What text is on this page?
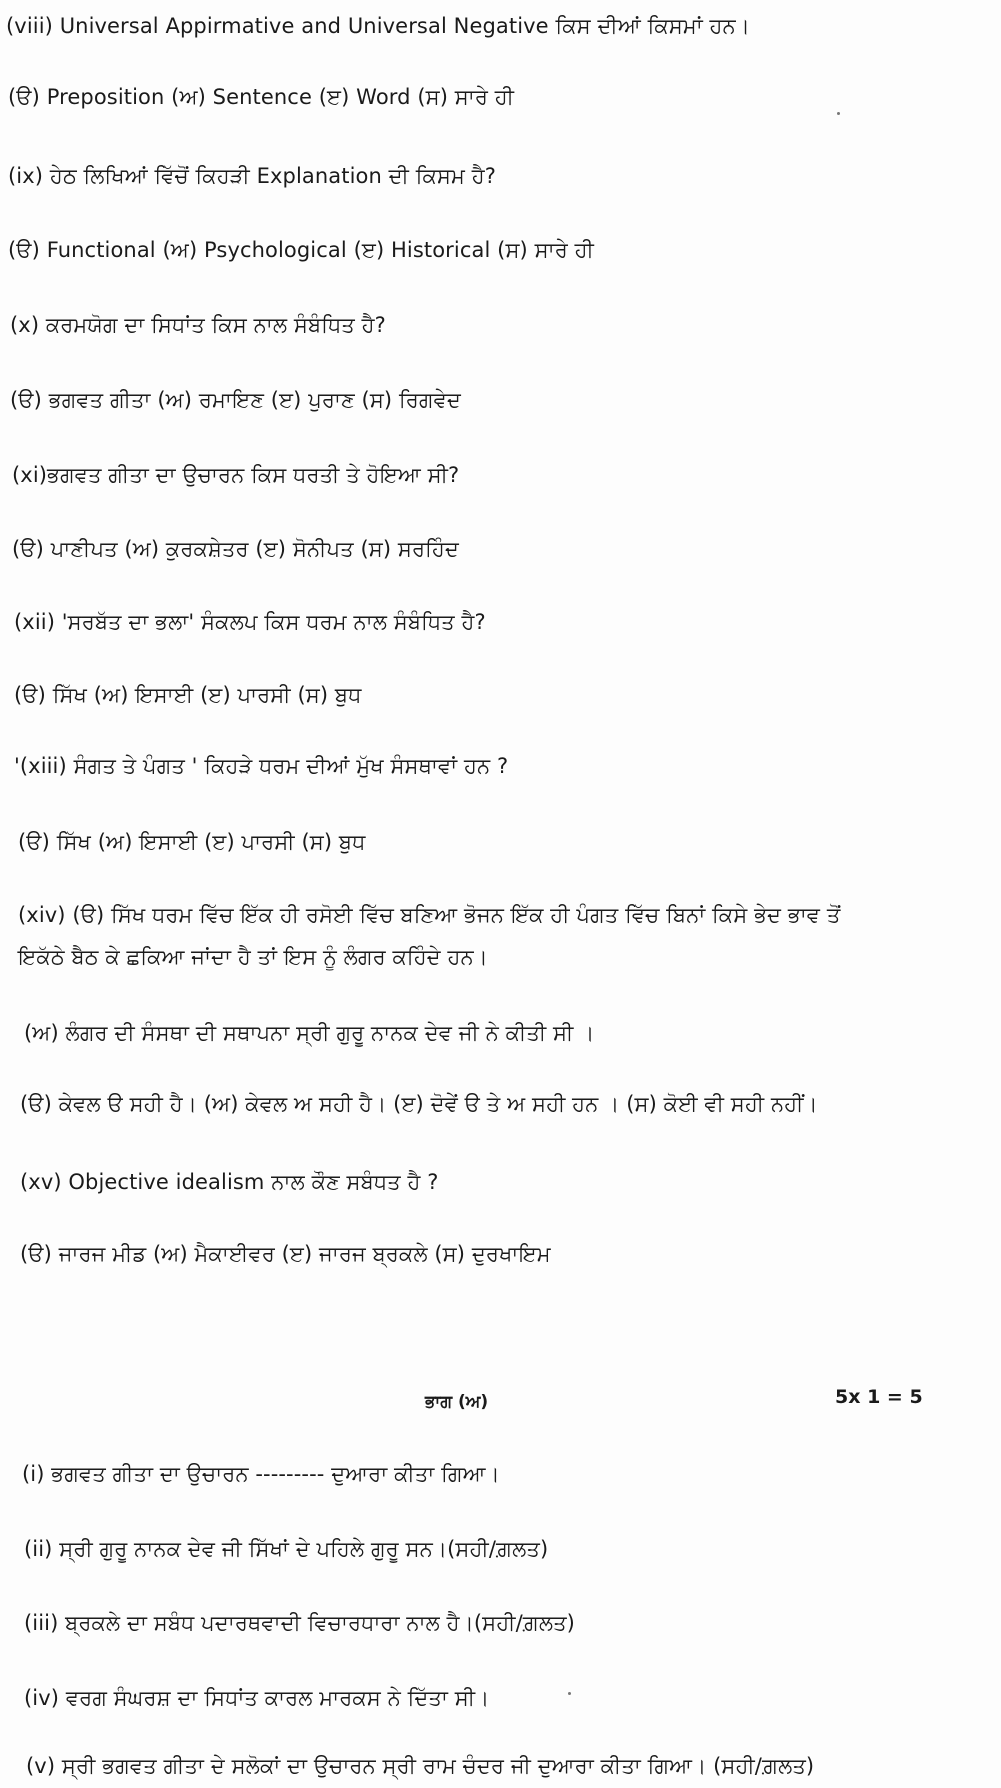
(viii) Universal Appirmative and Universal Negative ਕਿਸ ਦੀਆਂ ਕਿਸਮਾਂ ਹਨ।
(ੳ) Preposition (ਅ) Sentence (ੲ) Word (ਸ) ਸਾਰੇ ਹੀ
(ix) ਹੇਠ ਲਿਖਿਆਂ ਵਿੱਚੋਂ ਕਿਹੜੀ Explanation ਦੀ ਕਿਸਮ ਹੈ?
(ੳ) Functional (ਅ) Psychological (ੲ) Historical (ਸ) ਸਾਰੇ ਹੀ
(x) ਕਰਮਯੋਗ ਦਾ ਸਿਧਾਂਤ ਕਿਸ ਨਾਲ ਸੰਬੰਧਿਤ ਹੈ?
(ੳ) ਭਗਵਤ ਗੀਤਾ (ਅ) ਰਮਾਇਣ (ੲ) ਪੁਰਾਣ (ਸ) ਰਿਗਵੇਦ
(xi)ਭਗਵਤ ਗੀਤਾ ਦਾ ਉਚਾਰਨ ਕਿਸ ਧਰਤੀ ਤੇ ਹੋਇਆ ਸੀ?
(ੳ) ਪਾਣੀਪਤ (ਅ) ਕੁਰਕਸ਼ੇਤਰ (ੲ) ਸੋਨੀਪਤ (ਸ) ਸਰਹਿੰਦ
(xii) 'ਸਰਬੱਤ ਦਾ ਭਲਾ' ਸੰਕਲਪ ਕਿਸ ਧਰਮ ਨਾਲ ਸੰਬੰਧਿਤ ਹੈ?
(ੳ) ਸਿੱਖ (ਅ) ਇਸਾਈ (ੲ) ਪਾਰਸੀ (ਸ) ਬੁਧ
'(xiii) ਸੰਗਤ ਤੇ ਪੰਗਤ ' ਕਿਹੜੇ ਧਰਮ ਦੀਆਂ ਮੁੱਖ ਸੰਸਥਾਵਾਂ ਹਨ ?
(ੳ) ਸਿੱਖ (ਅ) ਇਸਾਈ (ੲ) ਪਾਰਸੀ (ਸ) ਬੁਧ
(xiv) (ੳ) ਸਿੱਖ ਧਰਮ ਵਿੱਚ ਇੱਕ ਹੀ ਰਸੋਈ ਵਿੱਚ ਬਣਿਆ ਭੋਜਨ ਇੱਕ ਹੀ ਪੰਗਤ ਵਿੱਚ ਬਿਨਾਂ ਕਿਸੇ ਭੇਦ ਭਾਵ ਤੋਂ
ਇਕੱਠੇ ਬੈਠ ਕੇ ਛਕਿਆ ਜਾਂਦਾ ਹੈ ਤਾਂ ਇਸ ਨੂੰ ਲੰਗਰ ਕਹਿੰਦੇ ਹਨ।
(ਅ) ਲੰਗਰ ਦੀ ਸੰਸਥਾ ਦੀ ਸਥਾਪਨਾ ਸ੍ਰੀ ਗੁਰੂ ਨਾਨਕ ਦੇਵ ਜੀ ਨੇ ਕੀਤੀ ਸੀ ।
(ੳ) ਕੇਵਲ ੳ ਸਹੀ ਹੈ। (ਅ) ਕੇਵਲ ਅ ਸਹੀ ਹੈ। (ੲ) ਦੋਵੇਂ ੳ ਤੇ ਅ ਸਹੀ ਹਨ । (ਸ) ਕੋਈ ਵੀ ਸਹੀ ਨਹੀਂ।
(xv) Objective idealism ਨਾਲ ਕੌਣ ਸਬੰਧਤ ਹੈ ?
(ੳ) ਜਾਰਜ ਮੀਡ (ਅ) ਮੈਕਾਈਵਰ (ੲ) ਜਾਰਜ ਬ੍ਰਕਲੇ (ਸ) ਦੁਰਖਾਇਮ
ਭਾਗ (ਅ)	5x 1 = 5
(i) ਭਗਵਤ ਗੀਤਾ ਦਾ ਉਚਾਰਨ --------- ਦੁਆਰਾ ਕੀਤਾ ਗਿਆ।
(ii) ਸ੍ਰੀ ਗੁਰੂ ਨਾਨਕ ਦੇਵ ਜੀ ਸਿੱਖਾਂ ਦੇ ਪਹਿਲੇ ਗੁਰੂ ਸਨ।(ਸਹੀ/ਗ਼ਲਤ)
(iii) ਬ੍ਰਕਲੇ ਦਾ ਸਬੰਧ ਪਦਾਰਥਵਾਦੀ ਵਿਚਾਰਧਾਰਾ ਨਾਲ ਹੈ।(ਸਹੀ/ਗ਼ਲਤ)
(iv) ਵਰਗ ਸੰਘਰਸ਼ ਦਾ ਸਿਧਾਂਤ ਕਾਰਲ ਮਾਰਕਸ ਨੇ ਦਿੱਤਾ ਸੀ।
(v) ਸ੍ਰੀ ਭਗਵਤ ਗੀਤਾ ਦੇ ਸਲੋਕਾਂ ਦਾ ਉਚਾਰਨ ਸ੍ਰੀ ਰਾਮ ਚੰਦਰ ਜੀ ਦੁਆਰਾ ਕੀਤਾ ਗਿਆ। (ਸਹੀ/ਗ਼ਲਤ)
